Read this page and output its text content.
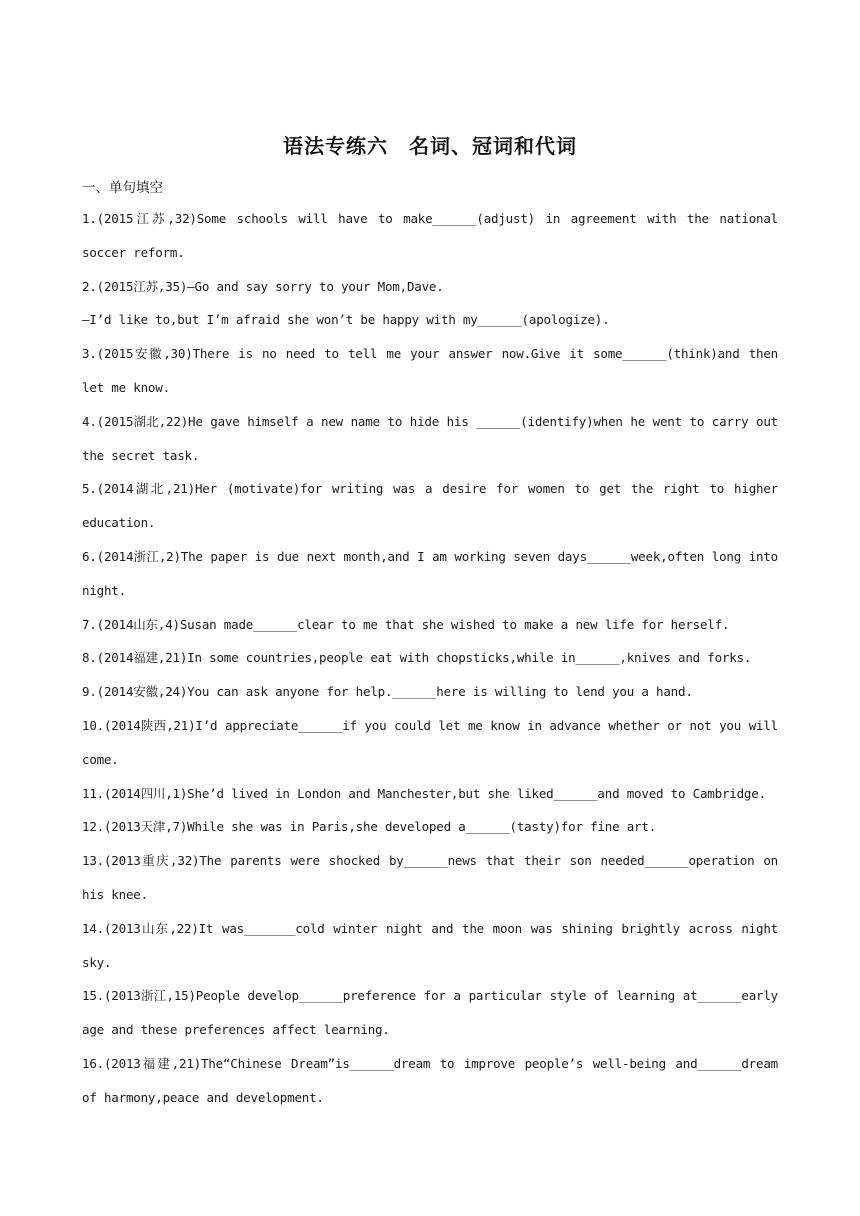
语法专练六　名词、冠词和代词
一、单句填空

1.(2015江苏,32)Some schools will have to make______(adjust) in agreement with the national soccer reform.

2.(2015江苏,35)—Go and say sorry to your Mom,Dave.

—I’d like to,but I’m afraid she won’t be happy with my______(apologize).

3.(2015安徽,30)There is no need to tell me your answer now.Give it some______(think)and then let me know.

4.(2015湖北,22)He gave himself a new name to hide his ______(identify)when he went to carry out the secret task.

5.(2014湖北,21)Her (motivate)for writing was a desire for women to get the right to higher education.

6.(2014浙江,2)The paper is due next month,and I am working seven days______week,often long into night.

7.(2014山东,4)Susan made______clear to me that she wished to make a new life for herself.

8.(2014福建,21)In some countries,people eat with chopsticks,while in______,knives and forks.

9.(2014安徽,24)You can ask anyone for help.______here is willing to lend you a hand.

10.(2014陕西,21)I’d appreciate______if you could let me know in advance whether or not you will come.

11.(2014四川,1)She’d lived in London and Manchester,but she liked______and moved to Cambridge.

12.(2013天津,7)While she was in Paris,she developed a______(tasty)for fine art.

13.(2013重庆,32)The parents were shocked by______news that their son needed______operation on his knee.

14.(2013山东,22)It was_______cold winter night and the moon was shining brightly across night sky.

15.(2013浙江,15)People develop______preference for a particular style of learning at______early age and these preferences affect learning.

16.(2013福建,21)The“Chinese Dream”is______dream to improve people’s well-being and______dream of harmony,peace and development.
